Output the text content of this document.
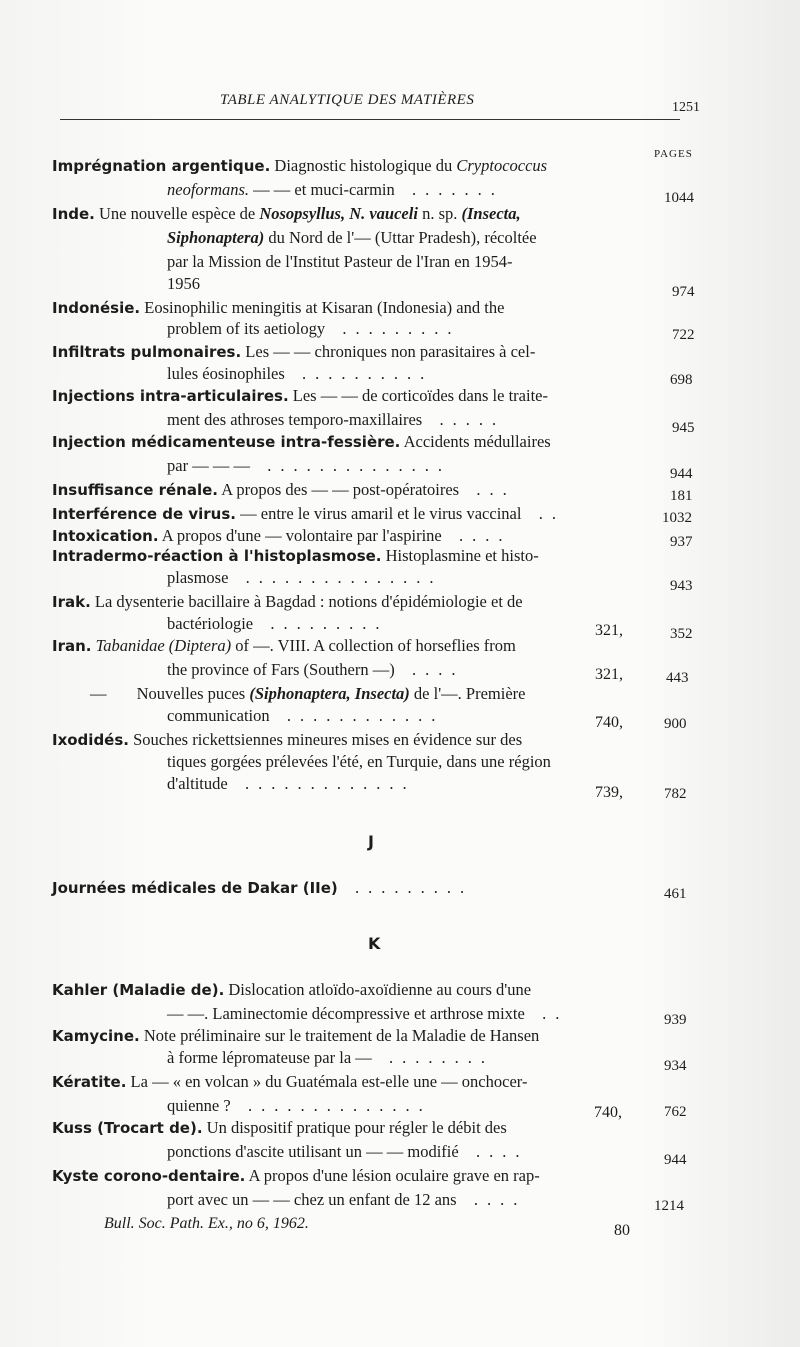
TABLE ANALYTIQUE DES MATIÈRES	1251
PAGES
Imprégnation argentique. Diagnostic histologique du Cryptococcus
neoformans. — — et muci-carmin  .......	1044
Inde. Une nouvelle espèce de Nosopsyllus, N. vauceli n. sp. (Insecta,
Siphonaptera) du Nord de l'— (Uttar Pradesh), récoltée
par la Mission de l'Institut Pasteur de l'Iran en 1954-
1956	974
Indonésie. Eosinophilic meningitis at Kisaran (Indonesia) and the
problem of its aetiology  .........	722
Infiltrats pulmonaires. Les — — chroniques non parasitaires à cel-
lules éosinophiles  ..........	698
Injections intra-articulaires. Les — — de corticoïdes dans le traite-
ment des athroses temporo-maxillaires  .....	945
Injection médicamenteuse intra-fessière. Accidents médullaires
par — — —  ..............	944
Insuffisance rénale. A propos des — — post-opératoires  ...	181
Interférence de virus. — entre le virus amaril et le virus vaccinal  ..	1032
Intoxication. A propos d'une — volontaire par l'aspirine  ....	937
Intradermo-réaction à l'histoplasmose. Histoplasmine et histo-
plasmose  ...............	943
Irak. La dysenterie bacillaire à Bagdad : notions d'épidémiologie et de
bactériologie  .........	321,	352
Iran. Tabanidae (Diptera) of —. VIII. A collection of horseflies from
the province of Fars (Southern —)  ....	321,	443
— Nouvelles puces (Siphonaptera, Insecta) de l'—. Première
communication  ............	740,	900
Ixodidés. Souches rickettsiennes mineures mises en évidence sur des
tiques gorgées prélevées l'été, en Turquie, dans une région
d'altitude  .............	739,	782
J
Journées médicales de Dakar (IIe)  .........	461
K
Kahler (Maladie de). Dislocation atloïdo-axoïdienne au cours d'une
— —. Laminectomie décompressive et arthrose mixte  ..	939
Kamycine. Note préliminaire sur le traitement de la Maladie de Hansen
à forme lépromateuse par la —  ........	934
Kératite. La — « en volcan » du Guatémala est-elle une — onchocer-
quienne ?  ..............	740,	762
Kuss (Trocart de). Un dispositif pratique pour régler le débit des
ponctions d'ascite utilisant un — — modifié  ....	944
Kyste corono-dentaire. A propos d'une lésion oculaire grave en rap-
port avec un — — chez un enfant de 12 ans  ....	1214
Bull. Soc. Path. Ex., no 6, 1962.	80
